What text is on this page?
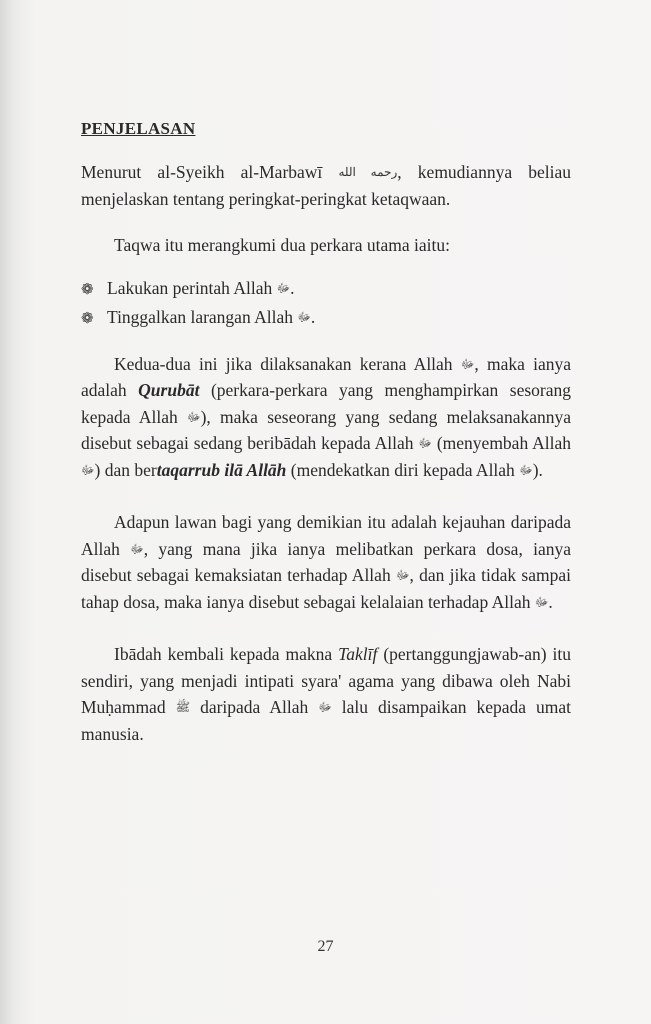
PENJELASAN

Menurut al-Syeikh al-Marbawī رحمه الله, kemudiannya beliau menjelaskan tentang peringkat-peringkat ketaqwaan.

Taqwa itu merangkumi dua perkara utama iaitu:

❁ Lakukan perintah Allah ﷻ.
❁ Tinggalkan larangan Allah ﷻ.

Kedua-dua ini jika dilaksanakan kerana Allah ﷻ, maka ianya adalah Qurubāt (perkara-perkara yang menghampirkan sesorang kepada Allah ﷻ), maka seseorang yang sedang melaksanakannya disebut sebagai sedang beribādah kepada Allah ﷻ (menyembah Allah ﷻ) dan bertaqarrub ilā Allāh (mendekatkan diri kepada Allah ﷻ).

Adapun lawan bagi yang demikian itu adalah kejauhan daripada Allah ﷻ, yang mana jika ianya melibatkan perkara dosa, ianya disebut sebagai kemaksiatan terhadap Allah ﷻ, dan jika tidak sampai tahap dosa, maka ianya disebut sebagai kelalaian terhadap Allah ﷻ.

Ibādah kembali kepada makna Taklīf (pertanggungjawab-an) itu sendiri, yang menjadi intipati syara' agama yang dibawa oleh Nabi Muḥammad ﷺ daripada Allah ﷻ lalu disampaikan kepada umat manusia.

27
